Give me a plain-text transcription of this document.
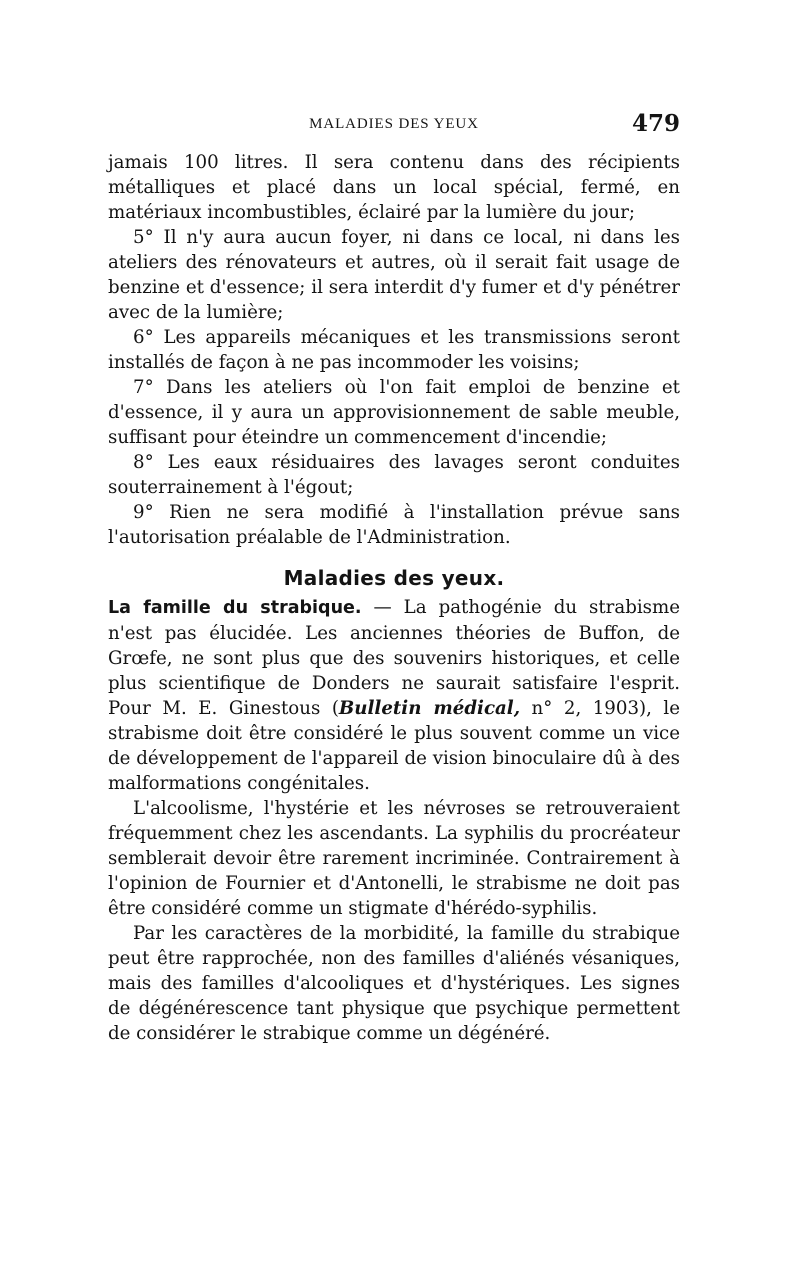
MALADIES DES YEUX	479

jamais 100 litres. Il sera contenu dans des récipients métalliques et placé dans un local spécial, fermé, en matériaux incombustibles, éclairé par la lumière du jour;

5° Il n'y aura aucun foyer, ni dans ce local, ni dans les ateliers des rénovateurs et autres, où il serait fait usage de benzine et d'essence; il sera interdit d'y fumer et d'y pénétrer avec de la lumière;

6° Les appareils mécaniques et les transmissions seront installés de façon à ne pas incommoder les voisins;

7° Dans les ateliers où l'on fait emploi de benzine et d'essence, il y aura un approvisionnement de sable meuble, suffisant pour éteindre un commencement d'incendie;

8° Les eaux résiduaires des lavages seront conduites souterrainement à l'égout;

9° Rien ne sera modifié à l'installation prévue sans l'autorisation préalable de l'Administration.

Maladies des yeux.

La famille du strabique. — La pathogénie du strabisme n'est pas élucidée. Les anciennes théories de Buffon, de Grœfe, ne sont plus que des souvenirs historiques, et celle plus scientifique de Donders ne saurait satisfaire l'esprit. Pour M. E. Ginestous (Bulletin médical, n° 2, 1903), le strabisme doit être considéré le plus souvent comme un vice de développement de l'appareil de vision binoculaire dû à des malformations congénitales.

L'alcoolisme, l'hystérie et les névroses se retrouveraient fréquemment chez les ascendants. La syphilis du procréateur semblerait devoir être rarement incriminée. Contrairement à l'opinion de Fournier et d'Antonelli, le strabisme ne doit pas être considéré comme un stigmate d'hérédo-syphilis.

Par les caractères de la morbidité, la famille du strabique peut être rapprochée, non des familles d'aliénés vésaniques, mais des familles d'alcooliques et d'hystériques. Les signes de dégénérescence tant physique que psychique permettent de considérer le strabique comme un dégénéré.
